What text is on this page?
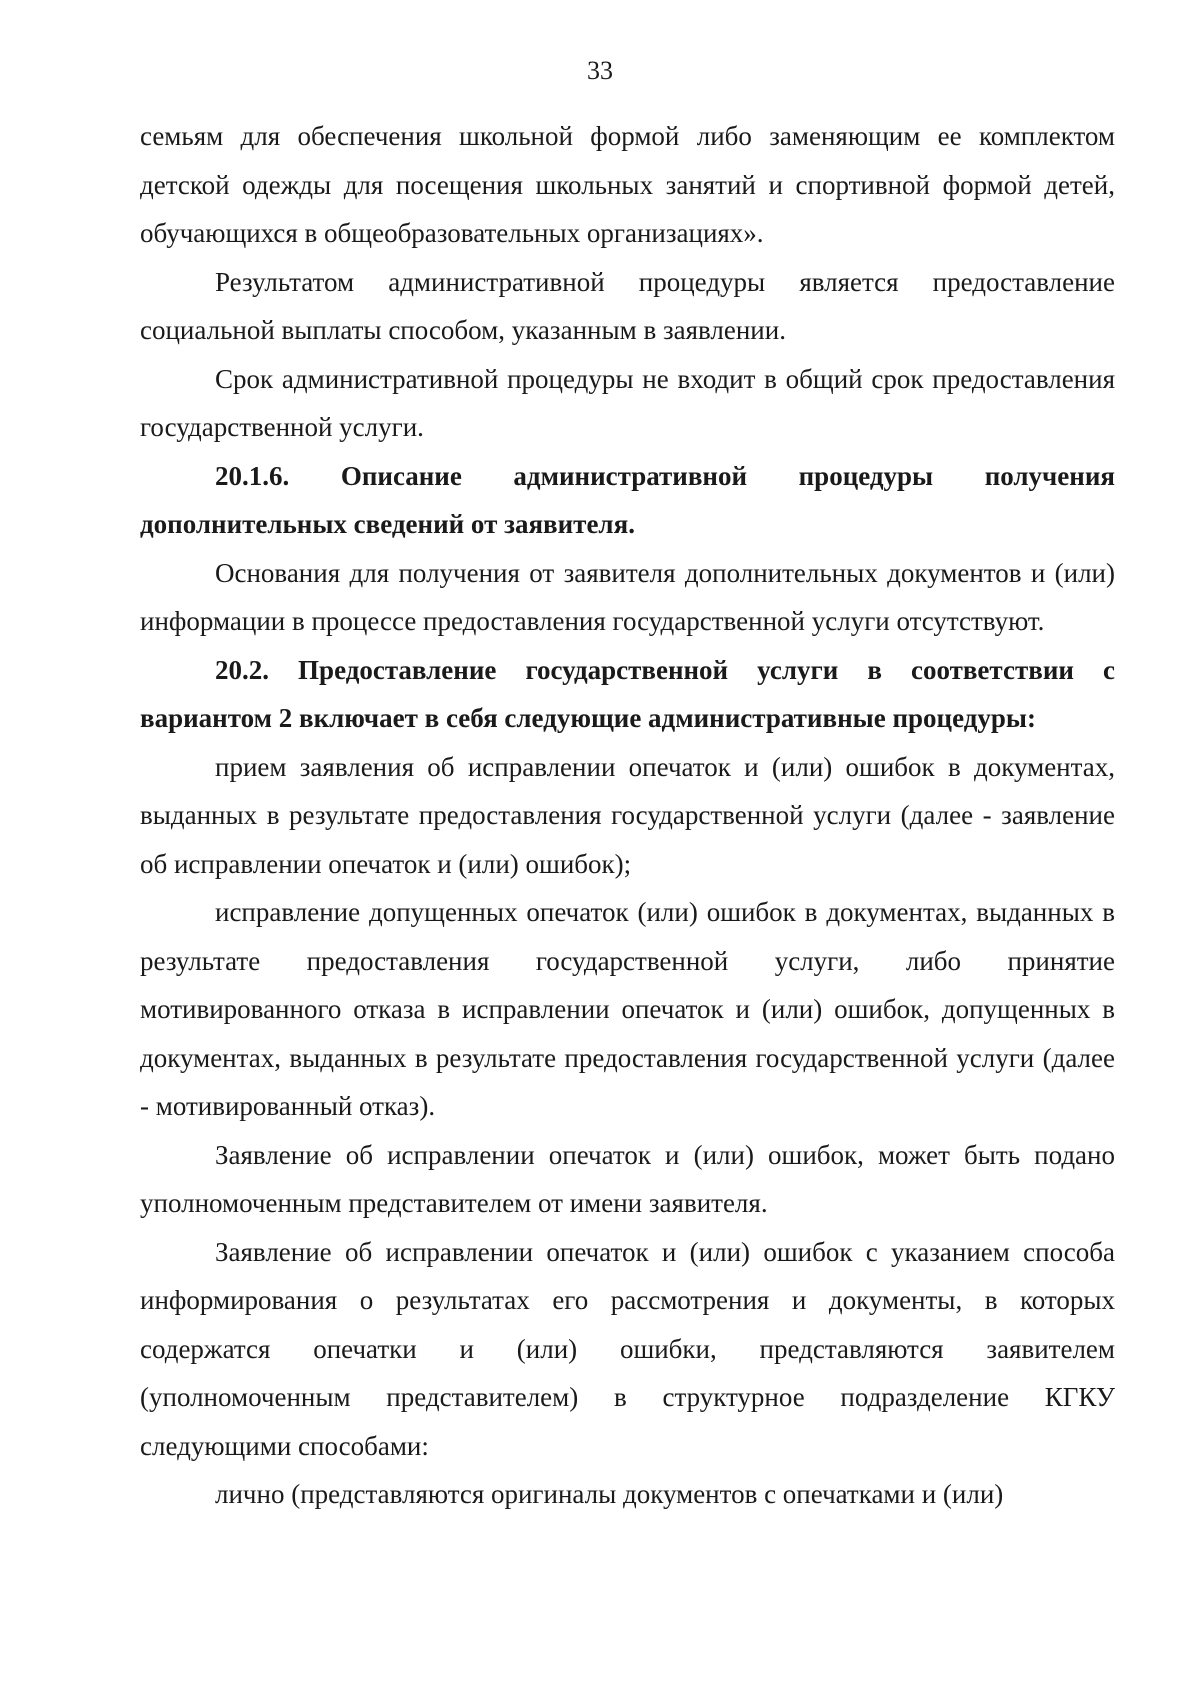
33

семьям для обеспечения школьной формой либо заменяющим ее комплектом детской одежды для посещения школьных занятий и спортивной формой детей, обучающихся в общеобразовательных организациях».

Результатом административной процедуры является предоставление социальной выплаты способом, указанным в заявлении.

Срок административной процедуры не входит в общий срок предоставления государственной услуги.

20.1.6. Описание административной процедуры получения дополнительных сведений от заявителя.

Основания для получения от заявителя дополнительных документов и (или) информации в процессе предоставления государственной услуги отсутствуют.

20.2. Предоставление государственной услуги в соответствии с вариантом 2 включает в себя следующие административные процедуры:

прием заявления об исправлении опечаток и (или) ошибок в документах, выданных в результате предоставления государственной услуги (далее - заявление об исправлении опечаток и (или) ошибок);

исправление допущенных опечаток (или) ошибок в документах, выданных в результате предоставления государственной услуги, либо принятие мотивированного отказа в исправлении опечаток и (или) ошибок, допущенных в документах, выданных в результате предоставления государственной услуги (далее - мотивированный отказ).

Заявление об исправлении опечаток и (или) ошибок, может быть подано уполномоченным представителем от имени заявителя.

Заявление об исправлении опечаток и (или) ошибок с указанием способа информирования о результатах его рассмотрения и документы, в которых содержатся опечатки и (или) ошибки, представляются заявителем (уполномоченным представителем) в структурное подразделение КГКУ следующими способами:

лично (представляются оригиналы документов с опечатками и (или)
